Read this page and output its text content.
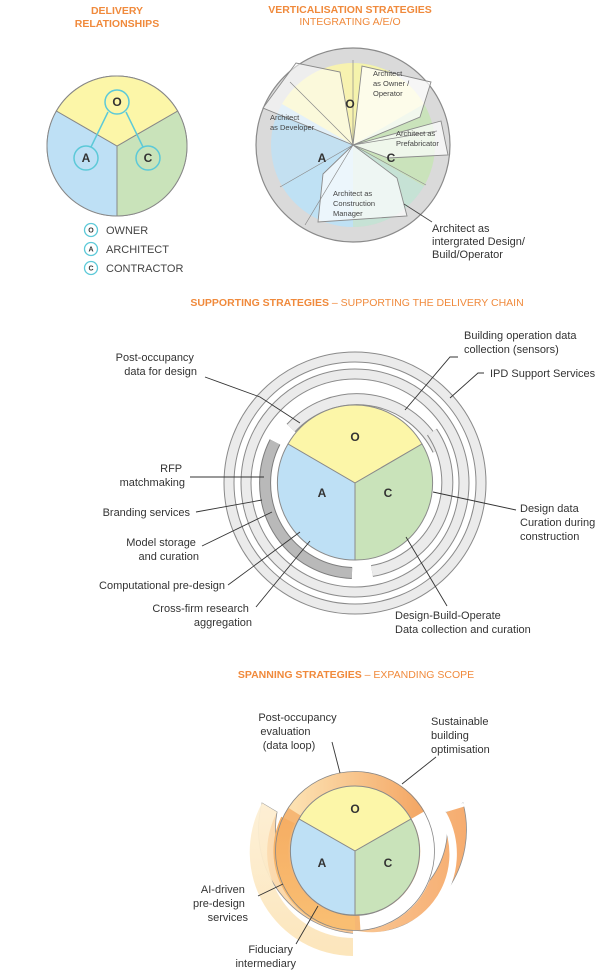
DELIVERY
RELATIONSHIPS
O
A	C
O OWNER
A ARCHITECT
C CONTRACTOR
VERTICALISATION STRATEGIES
INTEGRATING A/E/O
O
A	C
Architect as Owner / Operator
Architect as Developer
Architect as Prefabricator
Architect as Construction Manager
Architect as intergrated Design/ Build/Operator
SUPPORTING STRATEGIES – SUPPORTING THE DELIVERY CHAIN
O
A	C
Post-occupancy data for design
Building operation data collection (sensors)
IPD Support Services
RFP matchmaking
Branding services
Model storage and curation
Computational pre-design
Cross-firm research aggregation
Design data Curation during construction
Design-Build-Operate Data collection and curation
SPANNING STRATEGIES – EXPANDING SCOPE
O
A	C
Post-occupancy evaluation (data loop)
Sustainable building optimisation
AI-driven pre-design services
Fiduciary intermediary
